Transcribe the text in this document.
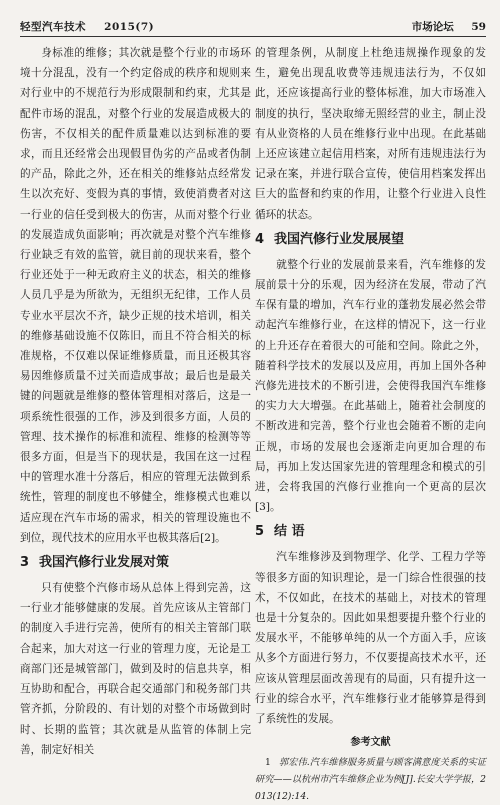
轻型汽车技术 2015(7)	市场论坛 59

身标准的维修；其次就是整个行业的市场环境十分混乱，没有一个约定俗成的秩序和规则来对行业中的不规范行为形成限制和约束，尤其是配件市场的混乱，对整个行业的发展造成极大的伤害，不仅相关的配件质量难以达到标准的要求，而且还经常会出现假冒伪劣的产品或者伪制的产品，除此之外，还在相关的维修站点经常发生以次充好、变假为真的事情，致使消费者对这一行业的信任受到极大的伤害，从而对整个行业的发展造成负面影响；再次就是对整个汽车维修行业缺乏有效的监管，就目前的现状来看，整个行业还处于一种无政府主义的状态，相关的维修人员几乎是为所欲为，无组织无纪律，工作人员专业水平层次不齐，缺少正规的技术培训，相关的维修基础设施不仅陈旧，而且不符合相关的标准规格，不仅难以保证维修质量，而且还极其容易因维修质量不过关而造成事故；最后也是最关键的问题就是维修的整体管理相对落后，这是一项系统性很强的工作，涉及到很多方面，人员的管理、技术操作的标准和流程、维修的检测等等很多方面，但是当下的现状是，我国在这一过程中的管理水准十分落后，相应的管理无法做到系统性，管理的制度也不够健全，维修模式也难以适应现在汽车市场的需求，相关的管理设施也不到位，现代技术的应用水平也极其落后[2]。

3 我国汽修行业发展对策

只有使整个汽修市场从总体上得到完善，这一行业才能够健康的发展。首先应该从主管部门的制度入手进行完善，使所有的相关主管部门联合起来，加大对这一行业的管理力度，无论是工商部门还是城管部门，做到及时的信息共享，相互协助和配合，再联合起交通部门和税务部门共管齐抓，分阶段的、有计划的对整个市场做到时时、长期的监管；其次就是从监管的体制上完善，制定好相关

的管理条例，从制度上杜绝违规操作现象的发生，避免出现乱收费等违规违法行为，不仅如此，还应该提高行业的整体标准，加大市场准入制度的执行，坚决取缔无照经营的业主，制止没有从业资格的人员在维修行业中出现。在此基础上还应该建立起信用档案，对所有违规违法行为记录在案，并进行联合宣传，使信用档案发挥出巨大的监督和约束的作用，让整个行业进入良性循环的状态。

4 我国汽修行业发展展望

就整个行业的发展前景来看，汽车维修的发展前景十分的乐观，因为经济在发展，带动了汽车保有量的增加，汽车行业的蓬勃发展必然会带动起汽车维修行业，在这样的情况下，这一行业的上升还存在着很大的可能和空间。除此之外，随着科学技术的发展以及应用，再加上国外各种汽修先进技术的不断引进，会使得我国汽车维修的实力大大增强。在此基础上，随着社会制度的不断改进和完善，整个行业也会随着不断的走向正规，市场的发展也会逐渐走向更加合理的布局，再加上发达国家先进的管理理念和模式的引进，会将我国的汽修行业推向一个更高的层次[3]。

5 结 语

汽车维修涉及到物理学、化学、工程力学等等很多方面的知识理论，是一门综合性很强的技术，不仅如此，在技术的基础上，对技术的管理也是十分复杂的。因此如果想要提升整个行业的发展水平，不能够单纯的从一个方面入手，应该从多个方面进行努力，不仅要提高技术水平，还应该从管理层面改善现有的局面，只有提升这一行业的综合水平，汽车维修行业才能够算是得到了系统性的发展。

参考文献

1 郭宏伟.汽车维修服务质量与顾客满意度关系的实证研究——以杭州市汽车维修企业为例[J].长安大学学报，2013(12):14.
